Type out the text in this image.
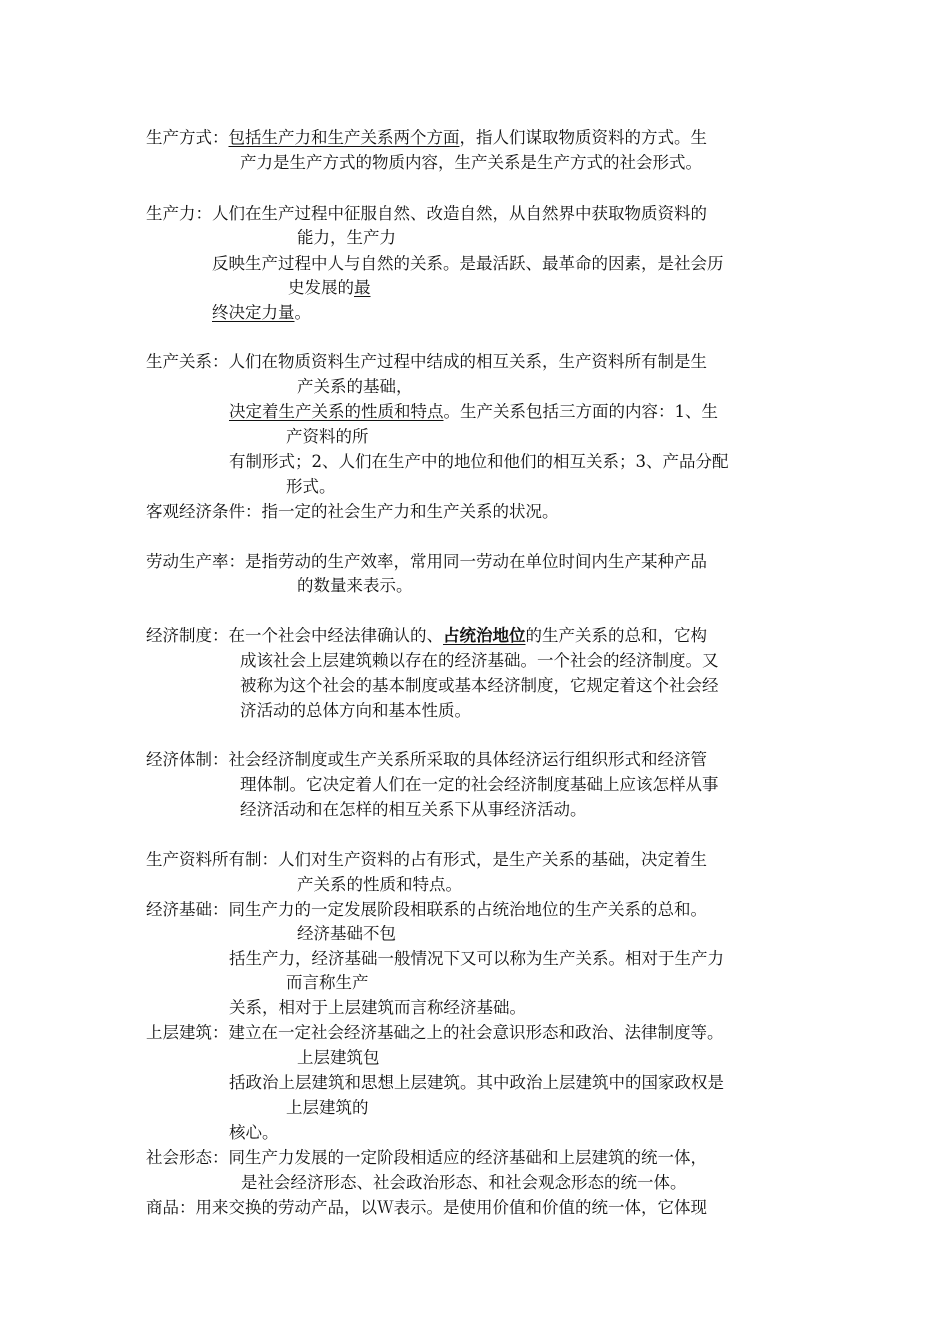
生产方式：包括生产力和生产关系两个方面，指人们谋取物质资料的方式。生
产力是生产方式的物质内容，生产关系是生产方式的社会形式。
生产力：人们在生产过程中征服自然、改造自然，从自然界中获取物质资料的
能力，生产力
反映生产过程中人与自然的关系。是最活跃、最革命的因素，是社会历
史发展的最
终决定力量。
生产关系：人们在物质资料生产过程中结成的相互关系，生产资料所有制是生
产关系的基础，
决定着生产关系的性质和特点。生产关系包括三方面的内容：1、生
产资料的所
有制形式；2、人们在生产中的地位和他们的相互关系；3、产品分配
形式。
客观经济条件：指一定的社会生产力和生产关系的状况。
劳动生产率：是指劳动的生产效率，常用同一劳动在单位时间内生产某种产品
的数量来表示。
经济制度：在一个社会中经法律确认的、占统治地位的生产关系的总和，它构
成该社会上层建筑赖以存在的经济基础。一个社会的经济制度。又
被称为这个社会的基本制度或基本经济制度，它规定着这个社会经
济活动的总体方向和基本性质。
经济体制：社会经济制度或生产关系所采取的具体经济运行组织形式和经济管
理体制。它决定着人们在一定的社会经济制度基础上应该怎样从事
经济活动和在怎样的相互关系下从事经济活动。
生产资料所有制：人们对生产资料的占有形式，是生产关系的基础，决定着生
产关系的性质和特点。
经济基础：同生产力的一定发展阶段相联系的占统治地位的生产关系的总和。
经济基础不包
括生产力，经济基础一般情况下又可以称为生产关系。相对于生产力
而言称生产
关系，相对于上层建筑而言称经济基础。
上层建筑：建立在一定社会经济基础之上的社会意识形态和政治、法律制度等。
上层建筑包
括政治上层建筑和思想上层建筑。其中政治上层建筑中的国家政权是
上层建筑的
核心。
社会形态：同生产力发展的一定阶段相适应的经济基础和上层建筑的统一体，
是社会经济形态、社会政治形态、和社会观念形态的统一体。
商品：用来交换的劳动产品，以Ｗ表示。是使用价值和价值的统一体，它体现
